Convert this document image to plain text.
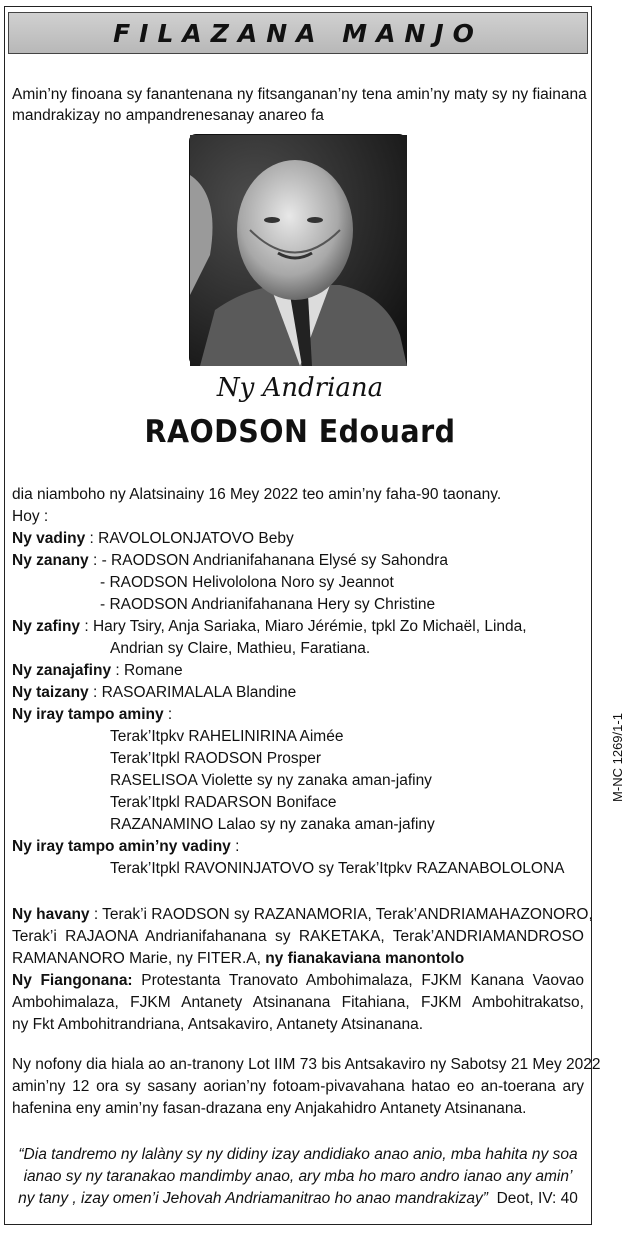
FILAZANA MANJO
Amin’ny finoana sy fanantenana ny fitsanganan’ny tena amin’ny maty sy ny fiainana
mandrakizay no ampandrenesanay anareo fa
Ny Andriana
RAODSON Edouard
dia niamboho ny Alatsinainy 16 Mey 2022 teo amin’ny faha-90 taonany.
Hoy :
Ny vadiny : RAVOLOLONJATOVO Beby
Ny zanany : - RAODSON Andrianifahanana Elysé sy Sahondra
- RAODSON Helivololona Noro sy Jeannot
- RAODSON Andrianifahanana Hery sy Christine
Ny zafiny : Hary Tsiry, Anja Sariaka, Miaro Jérémie, tpkl Zo Michaël, Linda,
Andrian sy Claire, Mathieu, Faratiana.
Ny zanajafiny : Romane
Ny taizany : RASOARIMALALA Blandine
Ny iray tampo aminy :
Terak’Itpkv RAHELINIRINA Aimée
Terak’Itpkl RAODSON Prosper
RASELISOA Violette sy ny zanaka aman-jafiny
Terak’Itpkl RADARSON Boniface
RAZANAMINO Lalao sy ny zanaka aman-jafiny
Ny iray tampo amin’ny vadiny :
Terak’Itpkl RAVONINJATOVO sy Terak’Itpkv RAZANABOLOLONA
Ny havany : Terak’i RAODSON sy RAZANAMORIA, Terak’ANDRIAMAHAZONORO,
Terak’i RAJAONA Andrianifahanana sy RAKETAKA, Terak’ANDRIAMANDROSO
RAMANANORO Marie, ny FITER.A, ny fianakaviana manontolo
Ny Fiangonana: Protestanta Tranovato Ambohimalaza, FJKM Kanana Vaovao
Ambohimalaza, FJKM Antanety Atsinanana Fitahiana, FJKM Ambohitrakatso,
ny Fkt Ambohitrandriana, Antsakaviro, Antanety Atsinanana.
Ny nofony dia hiala ao an-tranony Lot IIM 73 bis Antsakaviro ny Sabotsy 21 Mey 2022
amin’ny 12 ora sy sasany aorian’ny fotoam-pivavahana hatao eo an-toerana ary
hafenina eny amin’ny fasan-drazana eny Anjakahidro Antanety Atsinanana.
“Dia tandremo ny lalàny sy ny didiny izay andidiako anao anio, mba hahita ny soa
ianao sy ny taranakao mandimby anao, ary mba ho maro andro ianao any amin’
ny tany , izay omen’i Jehovah Andriamanitrao ho anao mandrakizay” Deot, IV: 40
M-NC 1269/1-1
